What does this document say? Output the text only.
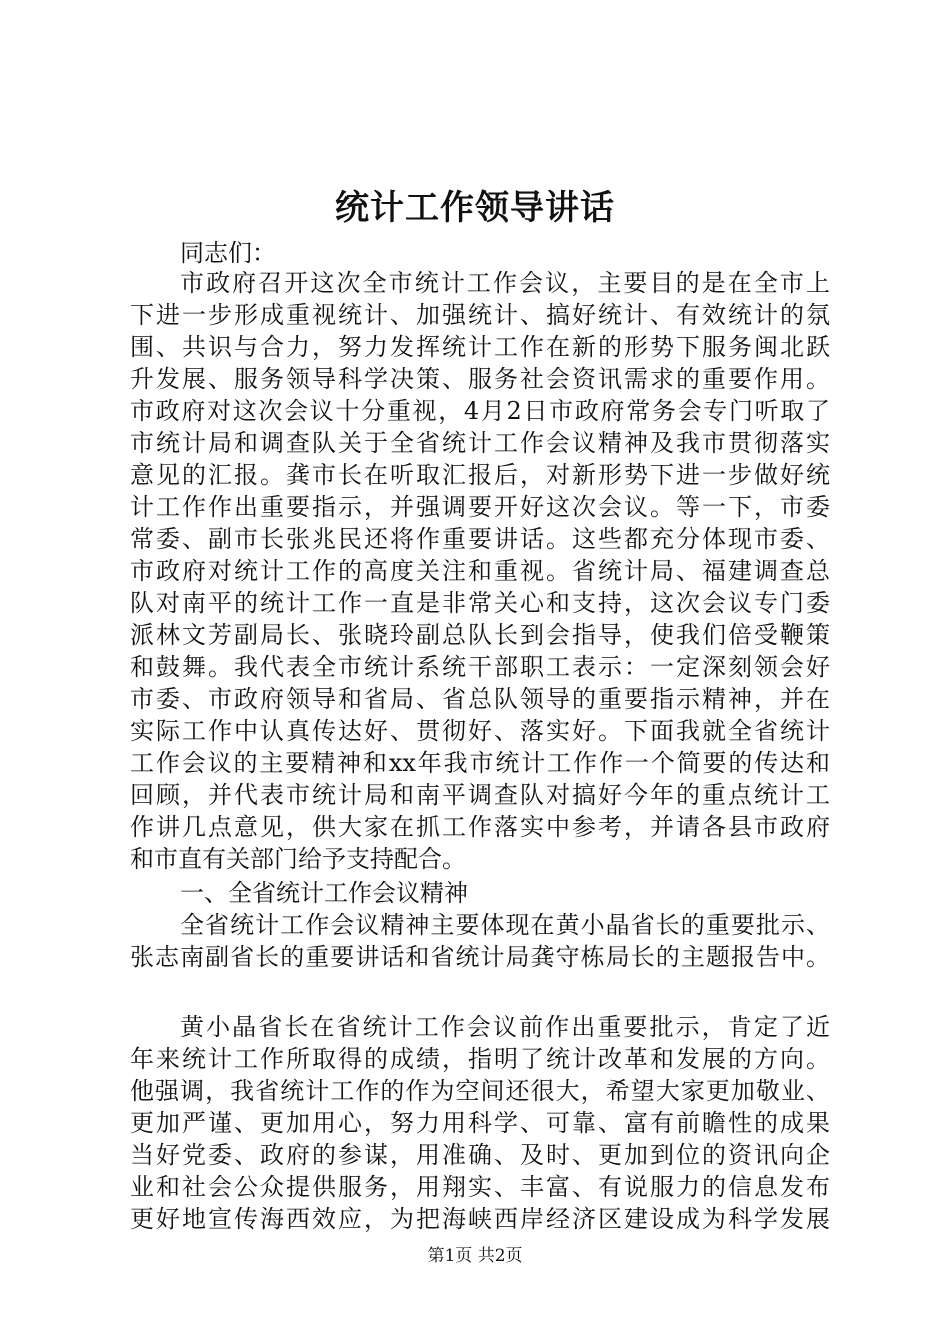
统计工作领导讲话
同志们：
市政府召开这次全市统计工作会议，主要目的是在全市上
下进一步形成重视统计、加强统计、搞好统计、有效统计的氛
围、共识与合力，努力发挥统计工作在新的形势下服务闽北跃
升发展、服务领导科学决策、服务社会资讯需求的重要作用。
市政府对这次会议十分重视，4月2日市政府常务会专门听取了
市统计局和调查队关于全省统计工作会议精神及我市贯彻落实
意见的汇报。龚市长在听取汇报后，对新形势下进一步做好统
计工作作出重要指示，并强调要开好这次会议。等一下，市委
常委、副市长张兆民还将作重要讲话。这些都充分体现市委、
市政府对统计工作的高度关注和重视。省统计局、福建调查总
队对南平的统计工作一直是非常关心和支持，这次会议专门委
派林文芳副局长、张晓玲副总队长到会指导，使我们倍受鞭策
和鼓舞。我代表全市统计系统干部职工表示：一定深刻领会好
市委、市政府领导和省局、省总队领导的重要指示精神，并在
实际工作中认真传达好、贯彻好、落实好。下面我就全省统计
工作会议的主要精神和xx年我市统计工作作一个简要的传达和
回顾，并代表市统计局和南平调查队对搞好今年的重点统计工
作讲几点意见，供大家在抓工作落实中参考，并请各县市政府
和市直有关部门给予支持配合。
一、全省统计工作会议精神
全省统计工作会议精神主要体现在黄小晶省长的重要批示、
张志南副省长的重要讲话和省统计局龚守栋局长的主题报告中。
黄小晶省长在省统计工作会议前作出重要批示，肯定了近
年来统计工作所取得的成绩，指明了统计改革和发展的方向。
他强调，我省统计工作的作为空间还很大，希望大家更加敬业、
更加严谨、更加用心，努力用科学、可靠、富有前瞻性的成果
当好党委、政府的参谋，用准确、及时、更加到位的资讯向企
业和社会公众提供服务，用翔实、丰富、有说服力的信息发布
更好地宣传海西效应，为把海峡西岸经济区建设成为科学发展
第1页 共2页
